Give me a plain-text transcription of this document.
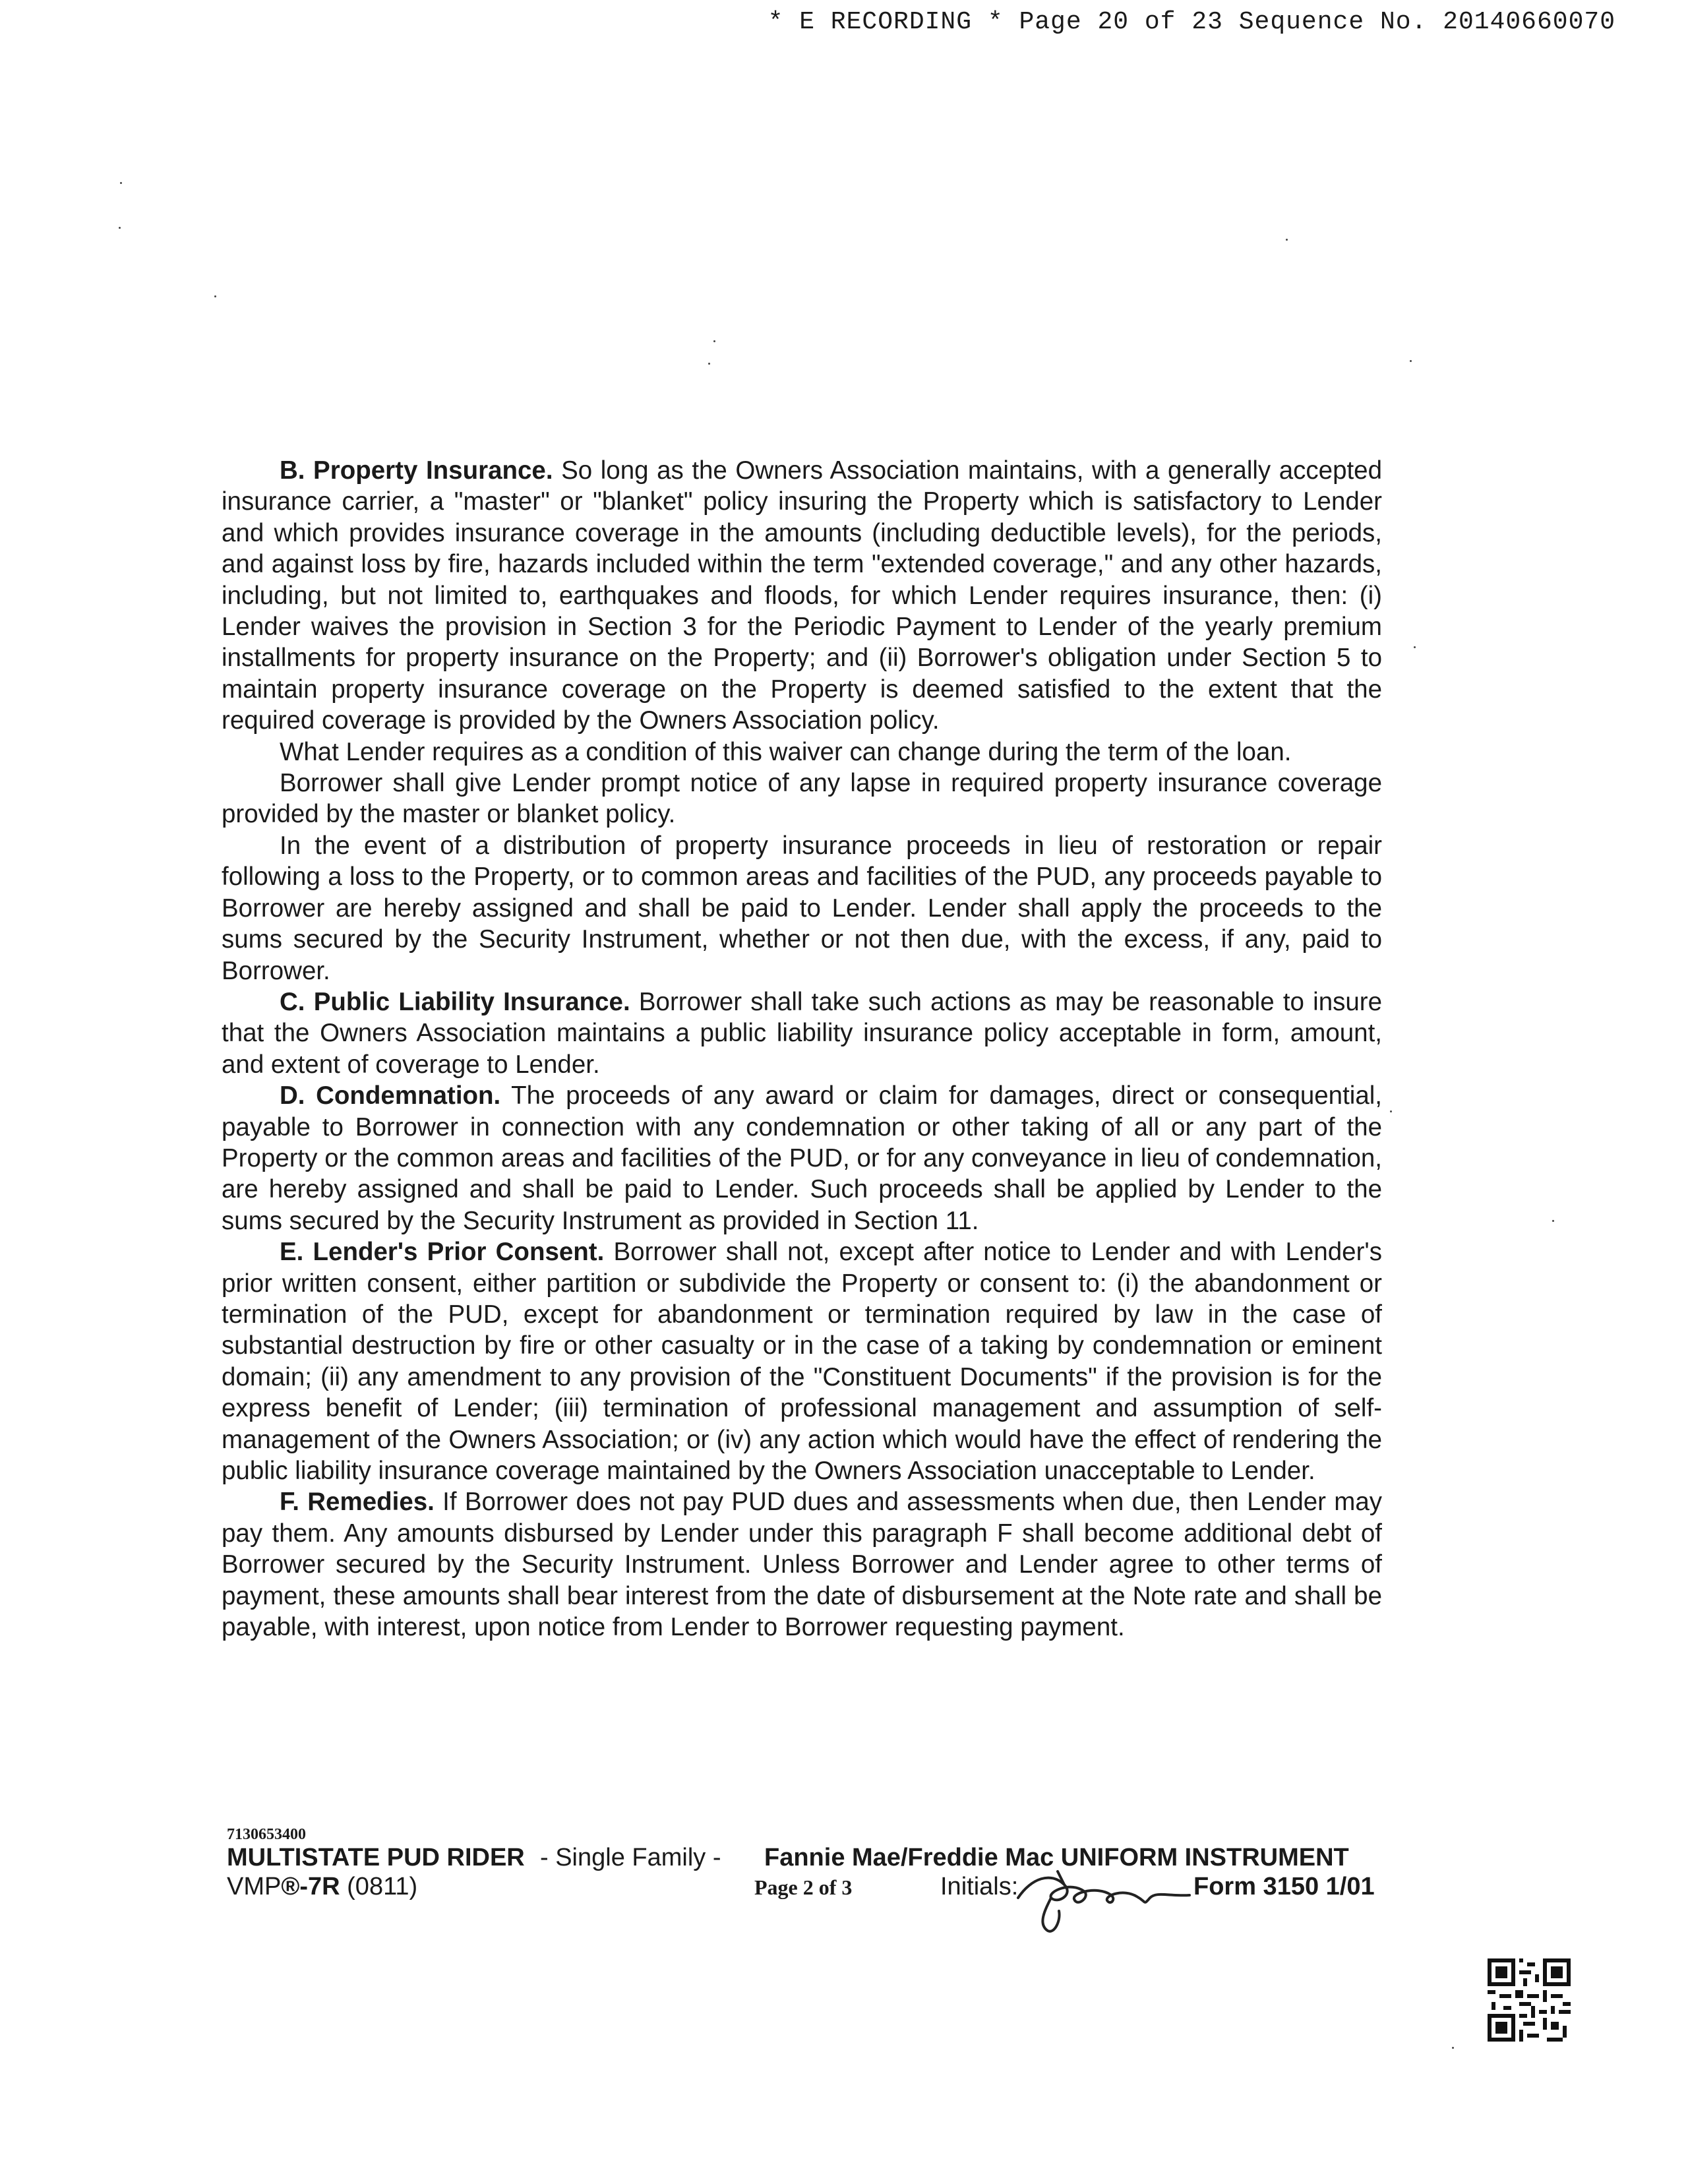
* E RECORDING * Page 20 of 23 Sequence No. 20140660070

B. Property Insurance. So long as the Owners Association maintains, with a generally accepted insurance carrier, a "master" or "blanket" policy insuring the Property which is satisfactory to Lender and which provides insurance coverage in the amounts (including deductible levels), for the periods, and against loss by fire, hazards included within the term "extended coverage," and any other hazards, including, but not limited to, earthquakes and floods, for which Lender requires insurance, then: (i) Lender waives the provision in Section 3 for the Periodic Payment to Lender of the yearly premium installments for property insurance on the Property; and (ii) Borrower's obligation under Section 5 to maintain property insurance coverage on the Property is deemed satisfied to the extent that the required coverage is provided by the Owners Association policy.

What Lender requires as a condition of this waiver can change during the term of the loan.

Borrower shall give Lender prompt notice of any lapse in required property insurance coverage provided by the master or blanket policy.

In the event of a distribution of property insurance proceeds in lieu of restoration or repair following a loss to the Property, or to common areas and facilities of the PUD, any proceeds payable to Borrower are hereby assigned and shall be paid to Lender. Lender shall apply the proceeds to the sums secured by the Security Instrument, whether or not then due, with the excess, if any, paid to Borrower.

C. Public Liability Insurance. Borrower shall take such actions as may be reasonable to insure that the Owners Association maintains a public liability insurance policy acceptable in form, amount, and extent of coverage to Lender.

D. Condemnation. The proceeds of any award or claim for damages, direct or consequential, payable to Borrower in connection with any condemnation or other taking of all or any part of the Property or the common areas and facilities of the PUD, or for any conveyance in lieu of condemnation, are hereby assigned and shall be paid to Lender. Such proceeds shall be applied by Lender to the sums secured by the Security Instrument as provided in Section 11.

E. Lender's Prior Consent. Borrower shall not, except after notice to Lender and with Lender's prior written consent, either partition or subdivide the Property or consent to: (i) the abandonment or termination of the PUD, except for abandonment or termination required by law in the case of substantial destruction by fire or other casualty or in the case of a taking by condemnation or eminent domain; (ii) any amendment to any provision of the "Constituent Documents" if the provision is for the express benefit of Lender; (iii) termination of professional management and assumption of self-management of the Owners Association; or (iv) any action which would have the effect of rendering the public liability insurance coverage maintained by the Owners Association unacceptable to Lender.

F. Remedies. If Borrower does not pay PUD dues and assessments when due, then Lender may pay them. Any amounts disbursed by Lender under this paragraph F shall become additional debt of Borrower secured by the Security Instrument. Unless Borrower and Lender agree to other terms of payment, these amounts shall bear interest from the date of disbursement at the Note rate and shall be payable, with interest, upon notice from Lender to Borrower requesting payment.

7130653400
MULTISTATE PUD RIDER - Single Family - Fannie Mae/Freddie Mac UNIFORM INSTRUMENT
VMP®-7R (0811)	Page 2 of 3	Initials:	Form 3150 1/01
